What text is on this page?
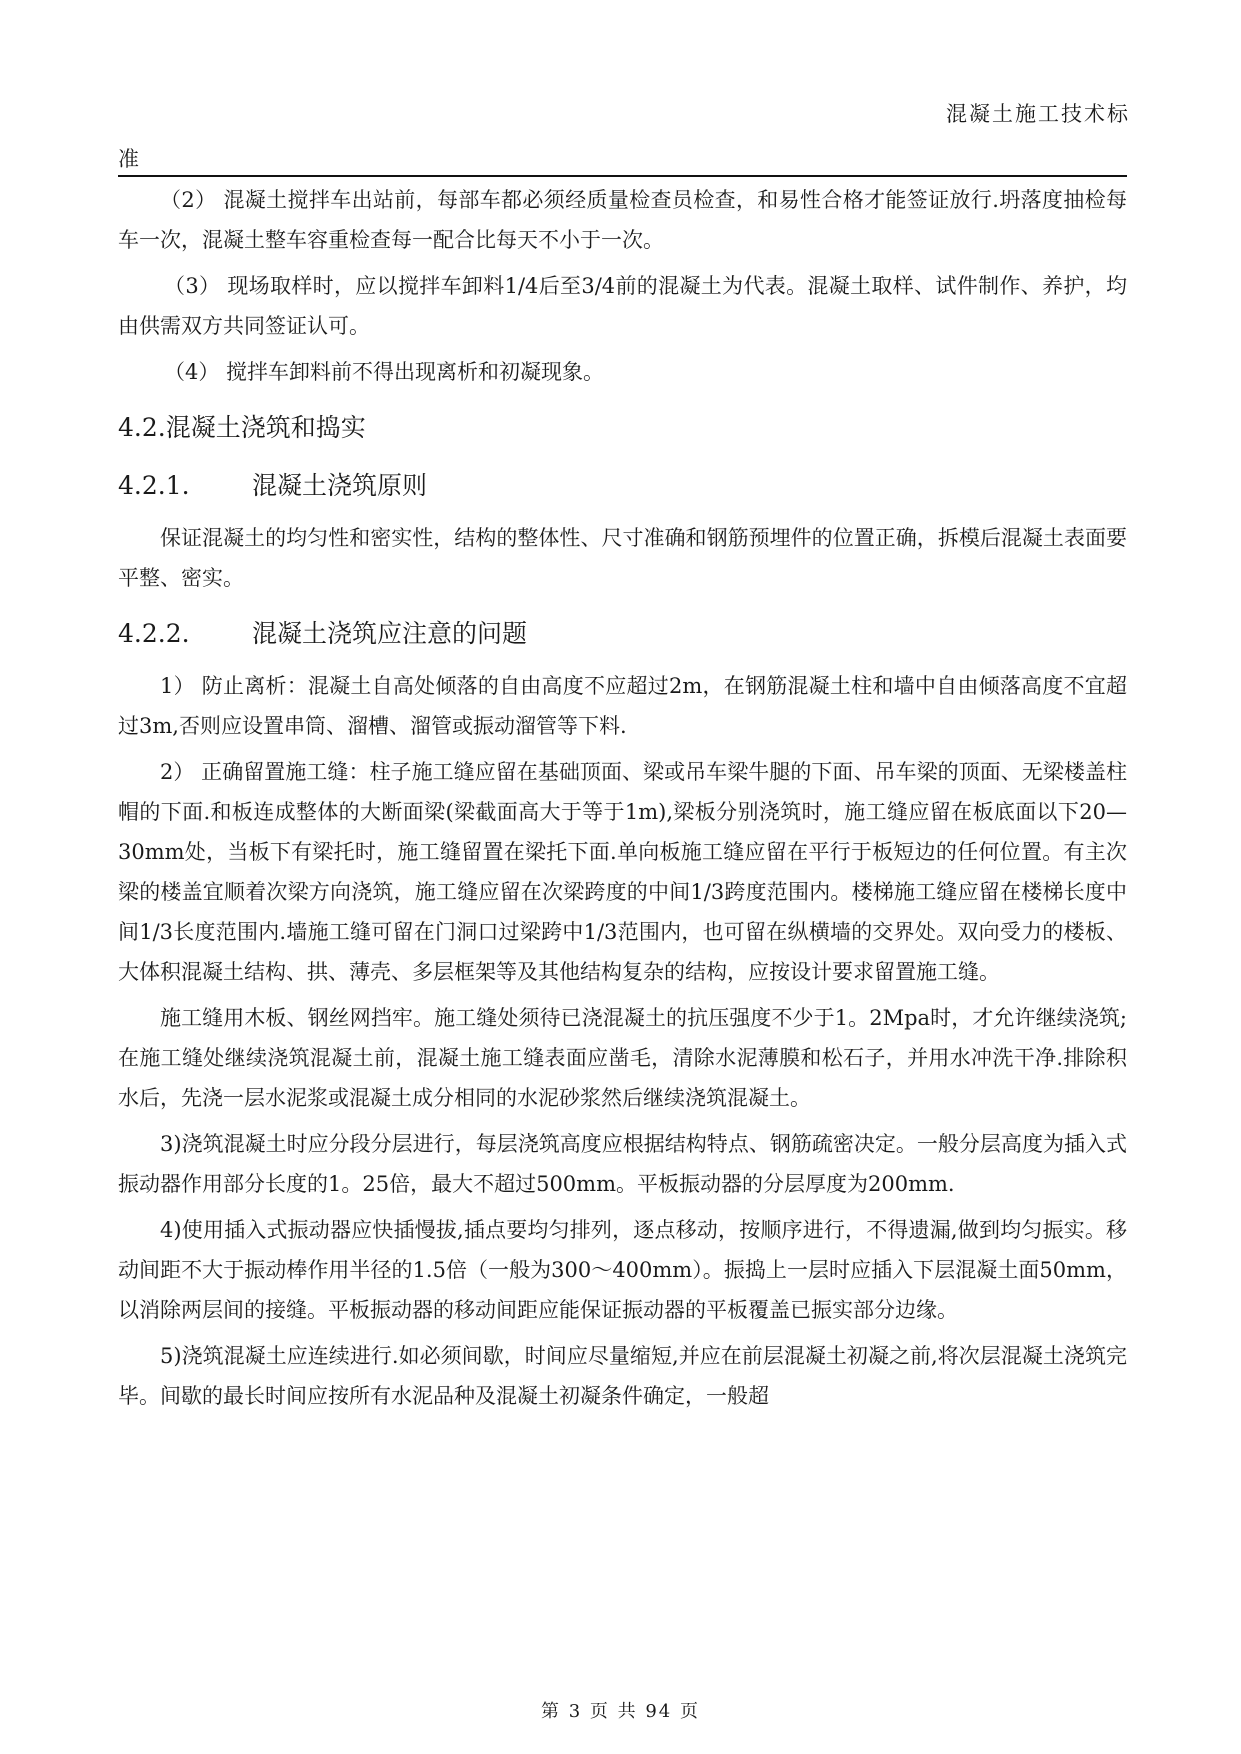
混凝土施工技术标
准

（2） 混凝土搅拌车出站前，每部车都必须经质量检查员检查，和易性合格才能签证放行.坍落度抽检每车一次，混凝土整车容重检查每一配合比每天不小于一次。

（3） 现场取样时，应以搅拌车卸料1/4后至3/4前的混凝土为代表。混凝土取样、试件制作、养护，均由供需双方共同签证认可。

（4） 搅拌车卸料前不得出现离析和初凝现象。

4.2.混凝土浇筑和捣实
4.2.1. 混凝土浇筑原则

保证混凝土的均匀性和密实性，结构的整体性、尺寸准确和钢筋预埋件的位置正确，拆模后混凝土表面要平整、密实。

4.2.2. 混凝土浇筑应注意的问题

1） 防止离析：混凝土自高处倾落的自由高度不应超过2m，在钢筋混凝土柱和墙中自由倾落高度不宜超过3m,否则应设置串筒、溜槽、溜管或振动溜管等下料.

2） 正确留置施工缝：柱子施工缝应留在基础顶面、梁或吊车梁牛腿的下面、吊车梁的顶面、无梁楼盖柱帽的下面.和板连成整体的大断面梁(梁截面高大于等于1m),梁板分别浇筑时，施工缝应留在板底面以下20—30mm处，当板下有梁托时，施工缝留置在梁托下面.单向板施工缝应留在平行于板短边的任何位置。有主次梁的楼盖宜顺着次梁方向浇筑，施工缝应留在次梁跨度的中间1/3跨度范围内。楼梯施工缝应留在楼梯长度中间1/3长度范围内.墙施工缝可留在门洞口过梁跨中1/3范围内，也可留在纵横墙的交界处。双向受力的楼板、大体积混凝土结构、拱、薄壳、多层框架等及其他结构复杂的结构，应按设计要求留置施工缝。

施工缝用木板、钢丝网挡牢。施工缝处须待已浇混凝土的抗压强度不少于1。2Mpa时，才允许继续浇筑;在施工缝处继续浇筑混凝土前，混凝土施工缝表面应凿毛，清除水泥薄膜和松石子，并用水冲洗干净.排除积水后，先浇一层水泥浆或混凝土成分相同的水泥砂浆然后继续浇筑混凝土。

3)浇筑混凝土时应分段分层进行，每层浇筑高度应根据结构特点、钢筋疏密决定。一般分层高度为插入式振动器作用部分长度的1。25倍，最大不超过500mm。平板振动器的分层厚度为200mm.

4)使用插入式振动器应快插慢拔,插点要均匀排列，逐点移动，按顺序进行，不得遗漏,做到均匀振实。移动间距不大于振动棒作用半径的1.5倍（一般为300～400mm）。振捣上一层时应插入下层混凝土面50mm，以消除两层间的接缝。平板振动器的移动间距应能保证振动器的平板覆盖已振实部分边缘。

5)浇筑混凝土应连续进行.如必须间歇，时间应尽量缩短,并应在前层混凝土初凝之前,将次层混凝土浇筑完毕。间歇的最长时间应按所有水泥品种及混凝土初凝条件确定，一般超

第 3 页 共 94 页
